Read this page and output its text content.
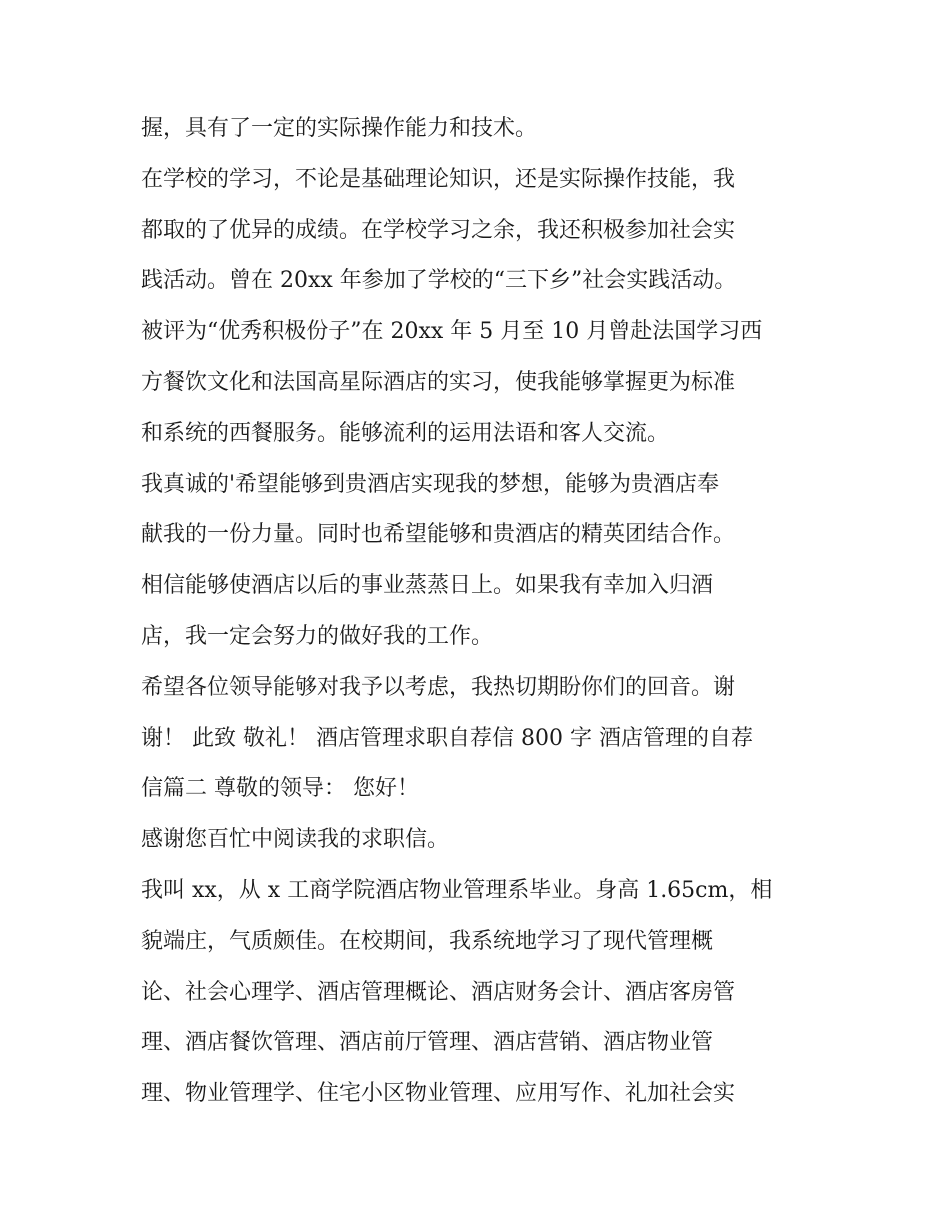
握，具有了一定的实际操作能力和技术。
在学校的学习，不论是基础理论知识，还是实际操作技能，我
都取的了优异的成绩。在学校学习之余，我还积极参加社会实
践活动。曾在 20xx 年参加了学校的“三下乡”社会实践活动。
被评为“优秀积极份子”在 20xx 年 5 月至 10 月曾赴法国学习西
方餐饮文化和法国高星际酒店的实习，使我能够掌握更为标准
和系统的西餐服务。能够流利的运用法语和客人交流。
我真诚的'希望能够到贵酒店实现我的梦想，能够为贵酒店奉
献我的一份力量。同时也希望能够和贵酒店的精英团结合作。
相信能够使酒店以后的事业蒸蒸日上。如果我有幸加入归酒
店，我一定会努力的做好我的工作。
希望各位领导能够对我予以考虑，我热切期盼你们的回音。谢
谢！ 此致 敬礼！ 酒店管理求职自荐信 800 字 酒店管理的自荐
信篇二 尊敬的领导： 您好！
感谢您百忙中阅读我的求职信。
我叫 xx，从 x 工商学院酒店物业管理系毕业。身高 1.65cm，相
貌端庄，气质颇佳。在校期间，我系统地学习了现代管理概
论、社会心理学、酒店管理概论、酒店财务会计、酒店客房管
理、酒店餐饮管理、酒店前厅管理、酒店营销、酒店物业管
理、物业管理学、住宅小区物业管理、应用写作、礼加社会实
